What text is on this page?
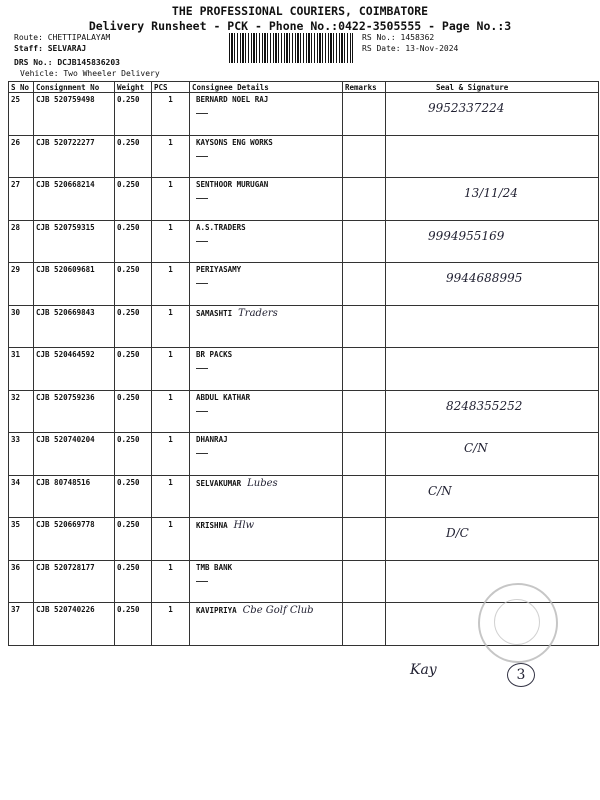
THE PROFESSIONAL COURIERS, COIMBATORE
Delivery Runsheet - PCK - Phone No.:0422-3505555 - Page No.:3
Route: CHETTIPALAYAM
Staff: SELVARAJ
DRS No.: DCJB145836203
Vehicle: Two Wheeler Delivery
RS No.: 1458362
RS Date: 13-Nov-2024
S No	Consignment No	Weight	PCS	Consignee Details	Remarks	Seal & Signature
25	CJB 520759498	0.250	1	BERNARD NOEL RAJ		9952337224

26	CJB 520722277	0.250	1	KAYSONS ENG WORKS

27	CJB 520668214	0.250	1	SENTHOOR MURUGAN		13/11/24

28	CJB 520759315	0.250	1	A.S.TRADERS		9994955169

29	CJB 520609681	0.250	1	PERIYASAMY		9944688995

30	CJB 520669843	0.250	1	SAMASHTI Traders		

31	CJB 520464592	0.250	1	BR PACKS

32	CJB 520759236	0.250	1	ABDUL KATHAR		8248355252

33	CJB 520740204	0.250	1	DHANRAJ		C/N

34	CJB 80748516	0.250	1	SELVAKUMAR Lubes		C/N

35	CJB 520669778	0.250	1	KRISHNA Hlw		D/C

36	CJB 520728177	0.250	1	TMB BANK

37	CJB 520740226	0.250	1	KAVIPRIYA Cbe Golf Club		
Kay	3
